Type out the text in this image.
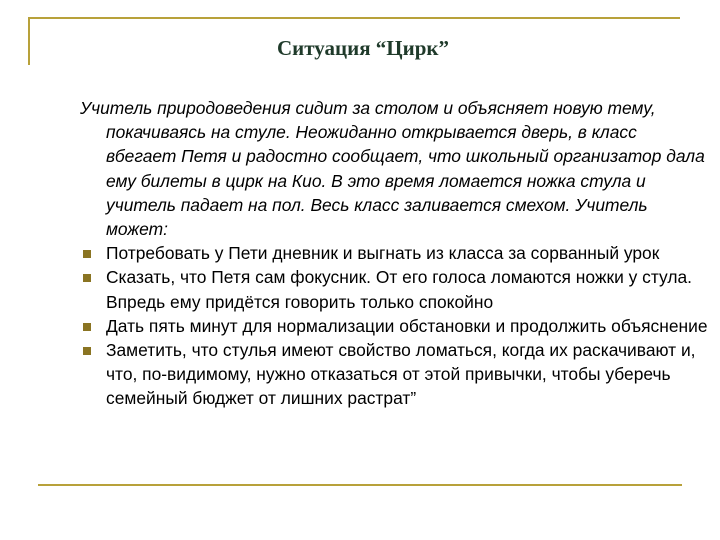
Ситуация “Цирк”

Учитель природоведения сидит за столом и объясняет новую тему, покачиваясь на стуле. Неожиданно открывается дверь, в класс вбегает Петя и радостно сообщает, что школьный организатор дала ему билеты в цирк на Кио. В это время ломается ножка стула и учитель падает на пол. Весь класс заливается смехом. Учитель может:

Потребовать у Пети дневник и выгнать из класса за сорванный урок
Сказать, что Петя сам фокусник. От его голоса ломаются ножки у стула. Впредь ему придётся говорить только спокойно
Дать пять минут для нормализации обстановки и продолжить объяснение
Заметить, что стулья имеют свойство ломаться, когда их раскачивают и, что, по-видимому, нужно отказаться от этой привычки, чтобы уберечь семейный бюджет от лишних растрат”
